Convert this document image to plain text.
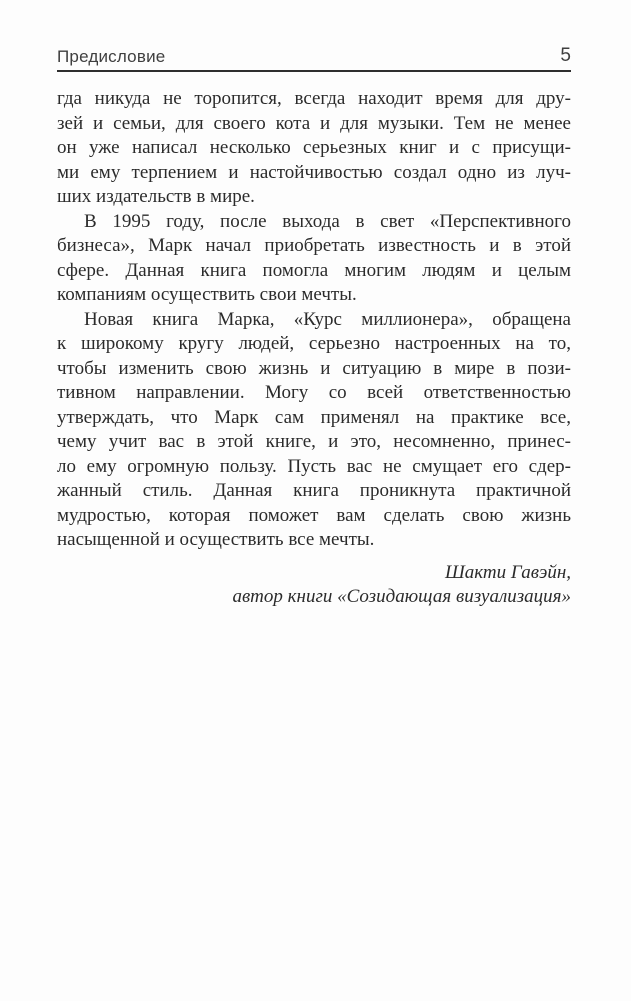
Предисловие	5
гда никуда не торопится, всегда находит время для дру-
зей и семьи, для своего кота и для музыки. Тем не менее
он уже написал несколько серьезных книг и с присущи-
ми ему терпением и настойчивостью создал одно из луч-
ших издательств в мире.
В 1995 году, после выхода в свет «Перспективного
бизнеса», Марк начал приобретать известность и в этой
сфере. Данная книга помогла многим людям и целым
компаниям осуществить свои мечты.
Новая книга Марка, «Курс миллионера», обращена
к широкому кругу людей, серьезно настроенных на то,
чтобы изменить свою жизнь и ситуацию в мире в пози-
тивном направлении. Могу со всей ответственностью
утверждать, что Марк сам применял на практике все,
чему учит вас в этой книге, и это, несомненно, принес-
ло ему огромную пользу. Пусть вас не смущает его сдер-
жанный стиль. Данная книга проникнута практичной
мудростью, которая поможет вам сделать свою жизнь
насыщенной и осуществить все мечты.
Шакти Гавэйн,
автор книги «Созидающая визуализация»
